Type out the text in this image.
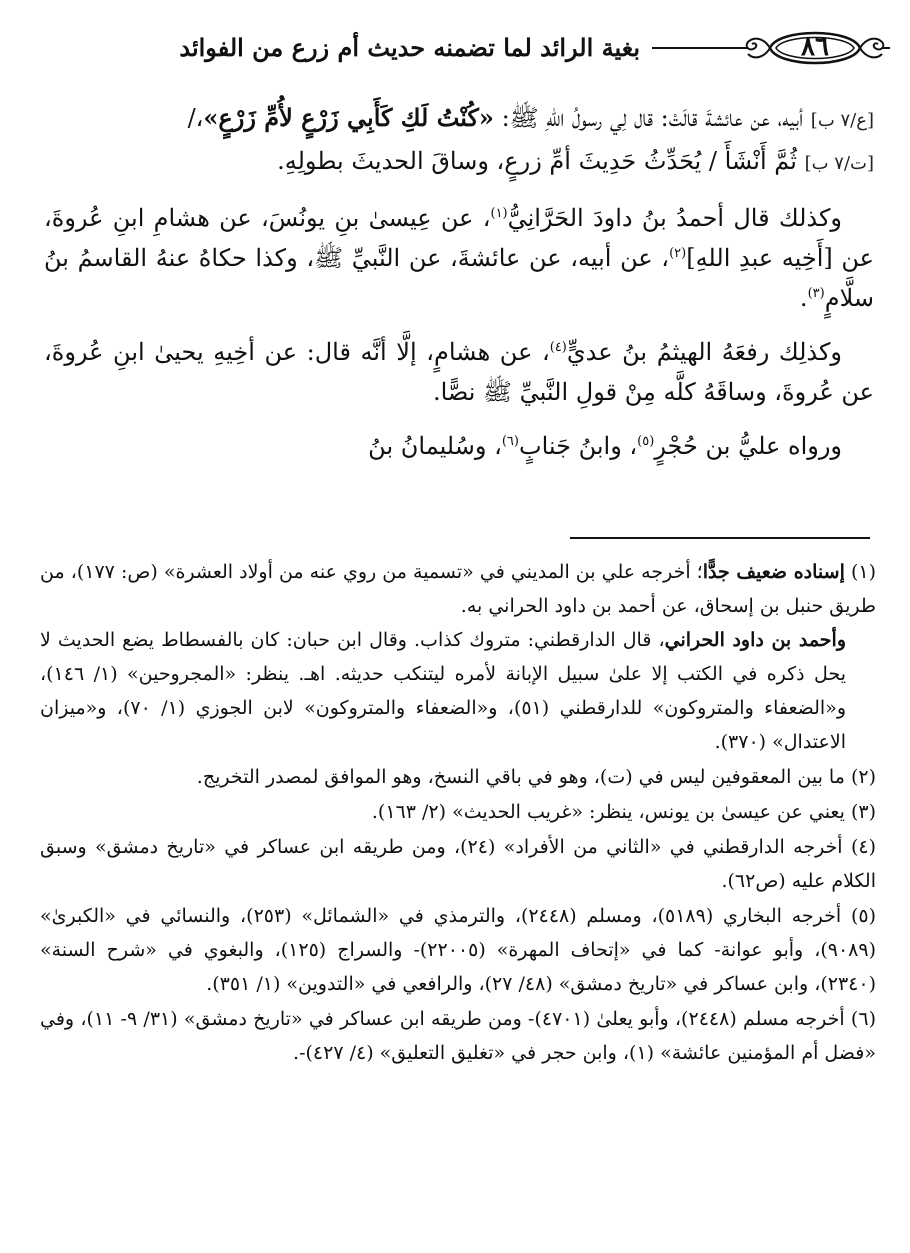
٨٦
بغية الرائد لما تضمنه حديث أم زرع من الفوائد

[ع/٧ ب] أبيه، عن عائشةَ قالَتْ: قال لِي رسولُ اللهِ ﷺ: «كُنْتُ لَكِ كَأَبِي زَرْعٍ لأُمِّ زَرْعٍ»،/

[ت/٧ ب] ثُمَّ أَنْشَأَ / يُحَدِّثُ حَدِيثَ أمِّ زرعٍ، وساقَ الحديثَ بطولِهِ.

وكذلك قال أحمدُ بنُ داودَ الحَرَّانِيُّ$^{(١)}$، عن عِيسىٰ بنِ يونُسَ، عن هشامِ ابنِ عُروةَ، عن [أَخِيه عبدِ اللهِ]$^{(٢)}$، عن أبيه، عن عائشةَ، عن النَّبيِّ ﷺ، وكذا حكاهُ عنهُ القاسمُ بنُ سلَّامٍ$^{(٣)}$.
وكذلِك رفعَهُ الهيثمُ بنُ عديٍّ$^{(٤)}$، عن هشامٍ، إلَّا أنَّه قال: عن أخِيهِ يحيىٰ ابنِ عُروةَ، عن عُروةَ، وساقَهُ كلَّه مِنْ قولِ النَّبيِّ ﷺ نصًّا.
ورواه عليُّ بن حُجْرٍ$^{(٥)}$، وابنُ جَنابٍ$^{(٦)}$، وسُليمانُ بنُ

(١) إسناده ضعيف جدًّا؛ أخرجه علي بن المديني في «تسمية من روي عنه من أولاد العشرة» (ص: ١٧٧)، من طريق حنبل بن إسحاق، عن أحمد بن داود الحراني به.

وأحمد بن داود الحراني، قال الدارقطني: متروك كذاب. وقال ابن حبان: كان بالفسطاط يضع الحديث لا يحل ذكره في الكتب إلا علىٰ سبيل الإبانة لأمره ليتنكب حديثه. اهـ. ينظر: «المجروحين» (١/ ١٤٦)، و«الضعفاء والمتروكون» للدارقطني (٥١)، و«الضعفاء والمتروكون» لابن الجوزي (١/ ٧٠)، و«ميزان الاعتدال» (٣٧٠).

(٢) ما بين المعقوفين ليس في (ت)، وهو في باقي النسخ، وهو الموافق لمصدر التخريج.
(٣) يعني عن عيسىٰ بن يونس، ينظر: «غريب الحديث» (٢/ ١٦٣).
(٤) أخرجه الدارقطني في «الثاني من الأفراد» (٢٤)، ومن طريقه ابن عساكر في «تاريخ دمشق» وسبق الكلام عليه (ص٦٢).
(٥) أخرجه البخاري (٥١٨٩)، ومسلم (٢٤٤٨)، والترمذي في «الشمائل» (٢٥٣)، والنسائي في «الكبرىٰ» (٩٠٨٩)، وأبو عوانة- كما في «إتحاف المهرة» (٢٢٠٠٥)- والسراج (١٢٥)، والبغوي في «شرح السنة» (٢٣٤٠)، وابن عساكر في «تاريخ دمشق» (٤٨/ ٢٧)، والرافعي في «التدوين» (١/ ٣٥١).
(٦) أخرجه مسلم (٢٤٤٨)، وأبو يعلىٰ (٤٧٠١)- ومن طريقه ابن عساكر في «تاريخ دمشق» (٣١/ ٩- ١١)، وفي «فضل أم المؤمنين عائشة» (١)، وابن حجر في «تغليق التعليق» (٤/ ٤٢٧)-.
